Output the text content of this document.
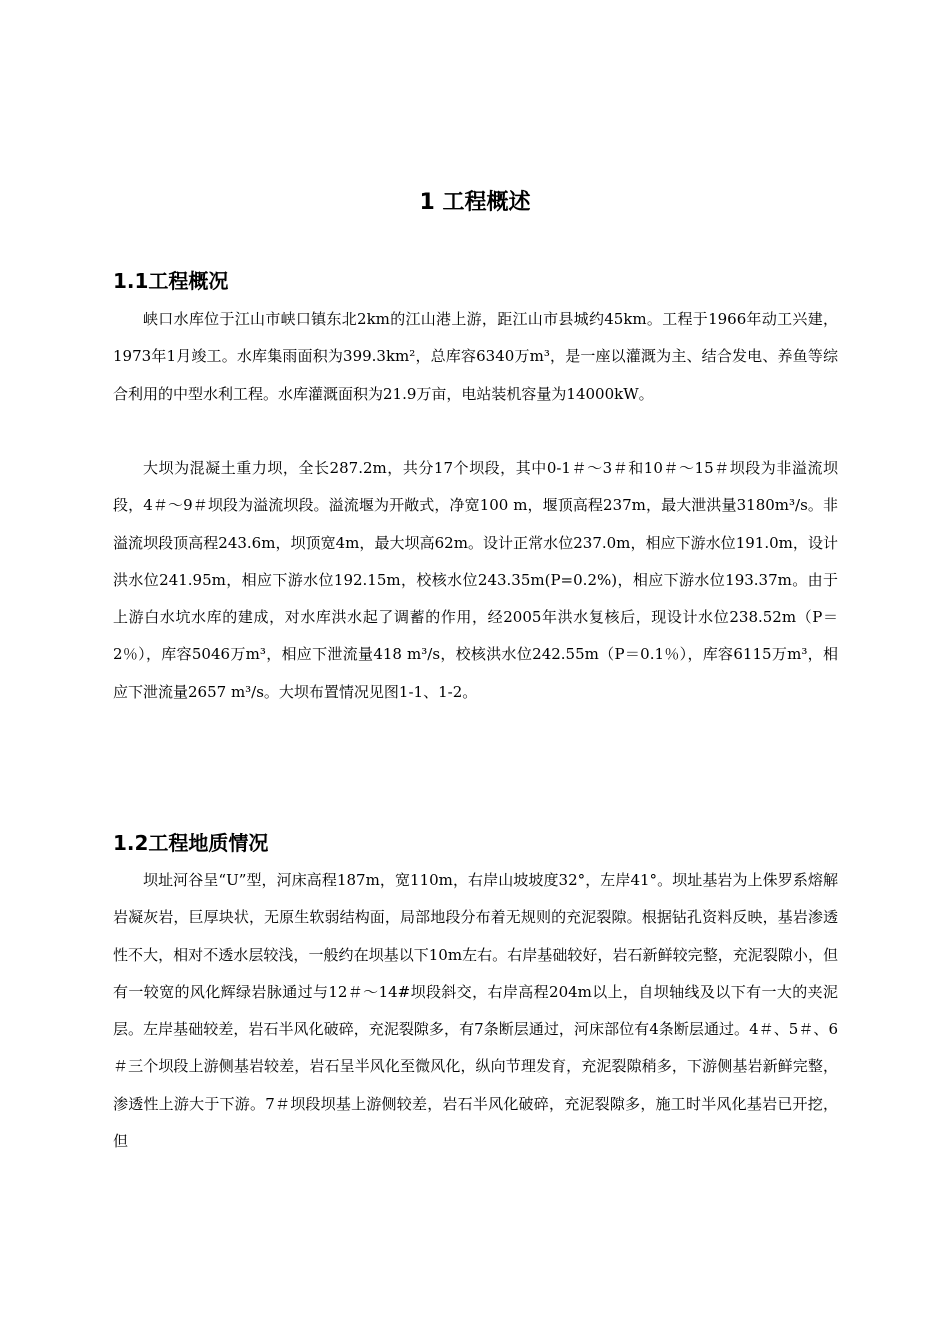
1 工程概述
1.1工程概况

峡口水库位于江山市峡口镇东北2km的江山港上游，距江山市县城约45km。工程于1966年动工兴建，1973年1月竣工。水库集雨面积为399.3km²，总库容6340万m³，是一座以灌溉为主、结合发电、养鱼等综合利用的中型水利工程。水库灌溉面积为21.9万亩，电站装机容量为14000kW。

大坝为混凝土重力坝，全长287.2m，共分17个坝段，其中0-1＃～3＃和10＃～15＃坝段为非溢流坝段，4＃～9＃坝段为溢流坝段。溢流堰为开敞式，净宽100 m，堰顶高程237m，最大泄洪量3180m³/s。非溢流坝段顶高程243.6m，坝顶宽4m，最大坝高62m。设计正常水位237.0m，相应下游水位191.0m，设计洪水位241.95m，相应下游水位192.15m，校核水位243.35m(P=0.2%)，相应下游水位193.37m。由于上游白水坑水库的建成，对水库洪水起了调蓄的作用，经2005年洪水复核后，现设计水位238.52m（P＝2％），库容5046万m³，相应下泄流量418 m³/s，校核洪水位242.55m（P＝0.1％），库容6115万m³，相应下泄流量2657 m³/s。大坝布置情况见图1-1、1-2。

1.2工程地质情况

坝址河谷呈“U”型，河床高程187m，宽110m，右岸山坡坡度32°，左岸41°。坝址基岩为上侏罗系熔解岩凝灰岩，巨厚块状，无原生软弱结构面，局部地段分布着无规则的充泥裂隙。根据钻孔资料反映，基岩渗透性不大，相对不透水层较浅，一般约在坝基以下10m左右。右岸基础较好，岩石新鲜较完整，充泥裂隙小，但有一较宽的风化辉绿岩脉通过与12＃～14#坝段斜交，右岸高程204m以上，自坝轴线及以下有一大的夹泥层。左岸基础较差，岩石半风化破碎，充泥裂隙多，有7条断层通过，河床部位有4条断层通过。4＃、5＃、6＃三个坝段上游侧基岩较差，岩石呈半风化至微风化，纵向节理发育，充泥裂隙稍多，下游侧基岩新鲜完整，渗透性上游大于下游。7＃坝段坝基上游侧较差，岩石半风化破碎，充泥裂隙多，施工时半风化基岩已开挖，但
